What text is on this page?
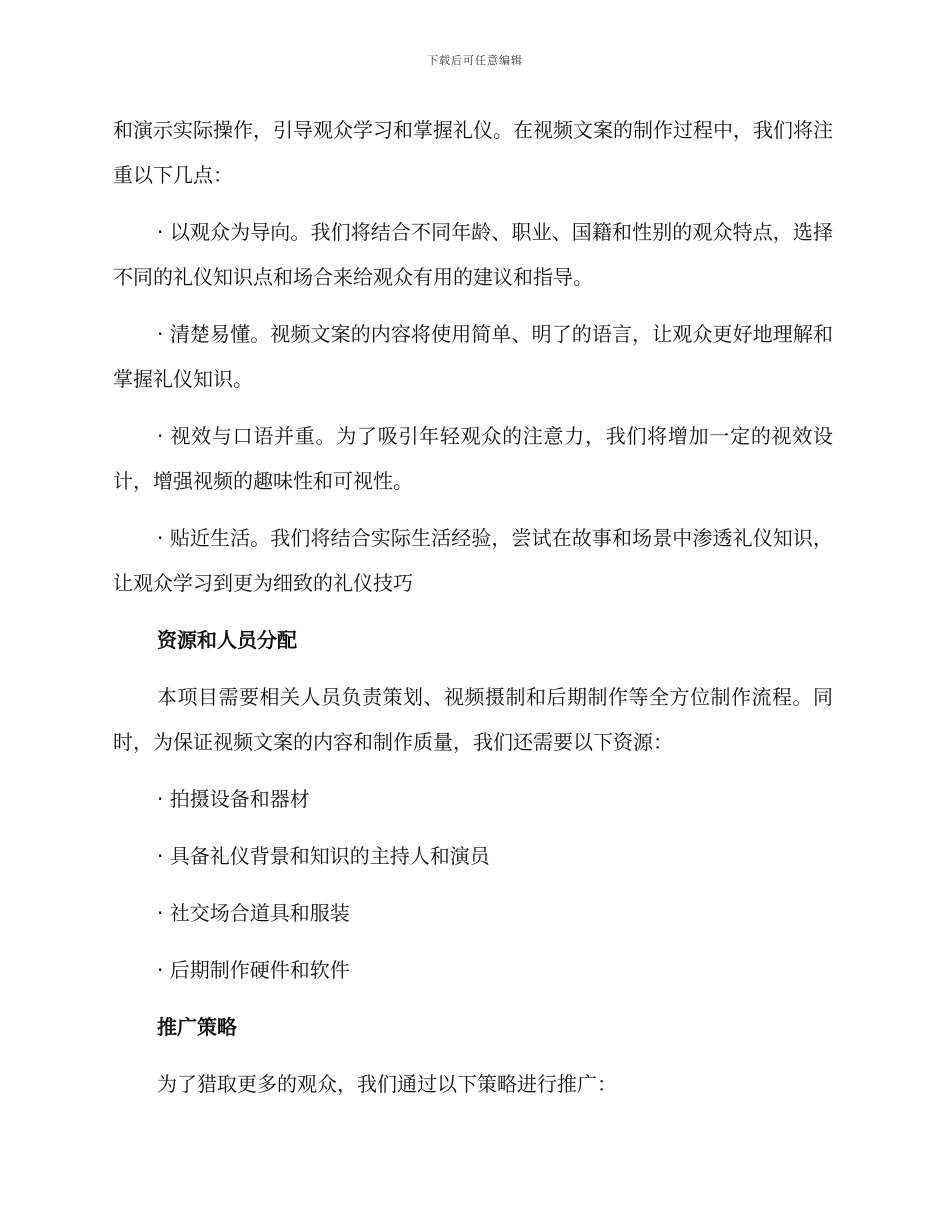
下载后可任意编辑

和演示实际操作，引导观众学习和掌握礼仪。在视频文案的制作过程中，我们将注重以下几点：

· 以观众为导向。我们将结合不同年龄、职业、国籍和性别的观众特点，选择不同的礼仪知识点和场合来给观众有用的建议和指导。

· 清楚易懂。视频文案的内容将使用简单、明了的语言，让观众更好地理解和掌握礼仪知识。

· 视效与口语并重。为了吸引年轻观众的注意力，我们将增加一定的视效设计，增强视频的趣味性和可视性。

· 贴近生活。我们将结合实际生活经验，尝试在故事和场景中渗透礼仪知识，让观众学习到更为细致的礼仪技巧

资源和人员分配

本项目需要相关人员负责策划、视频摄制和后期制作等全方位制作流程。同时，为保证视频文案的内容和制作质量，我们还需要以下资源：

· 拍摄设备和器材

· 具备礼仪背景和知识的主持人和演员

· 社交场合道具和服装

· 后期制作硬件和软件

推广策略

为了猎取更多的观众，我们通过以下策略进行推广：
